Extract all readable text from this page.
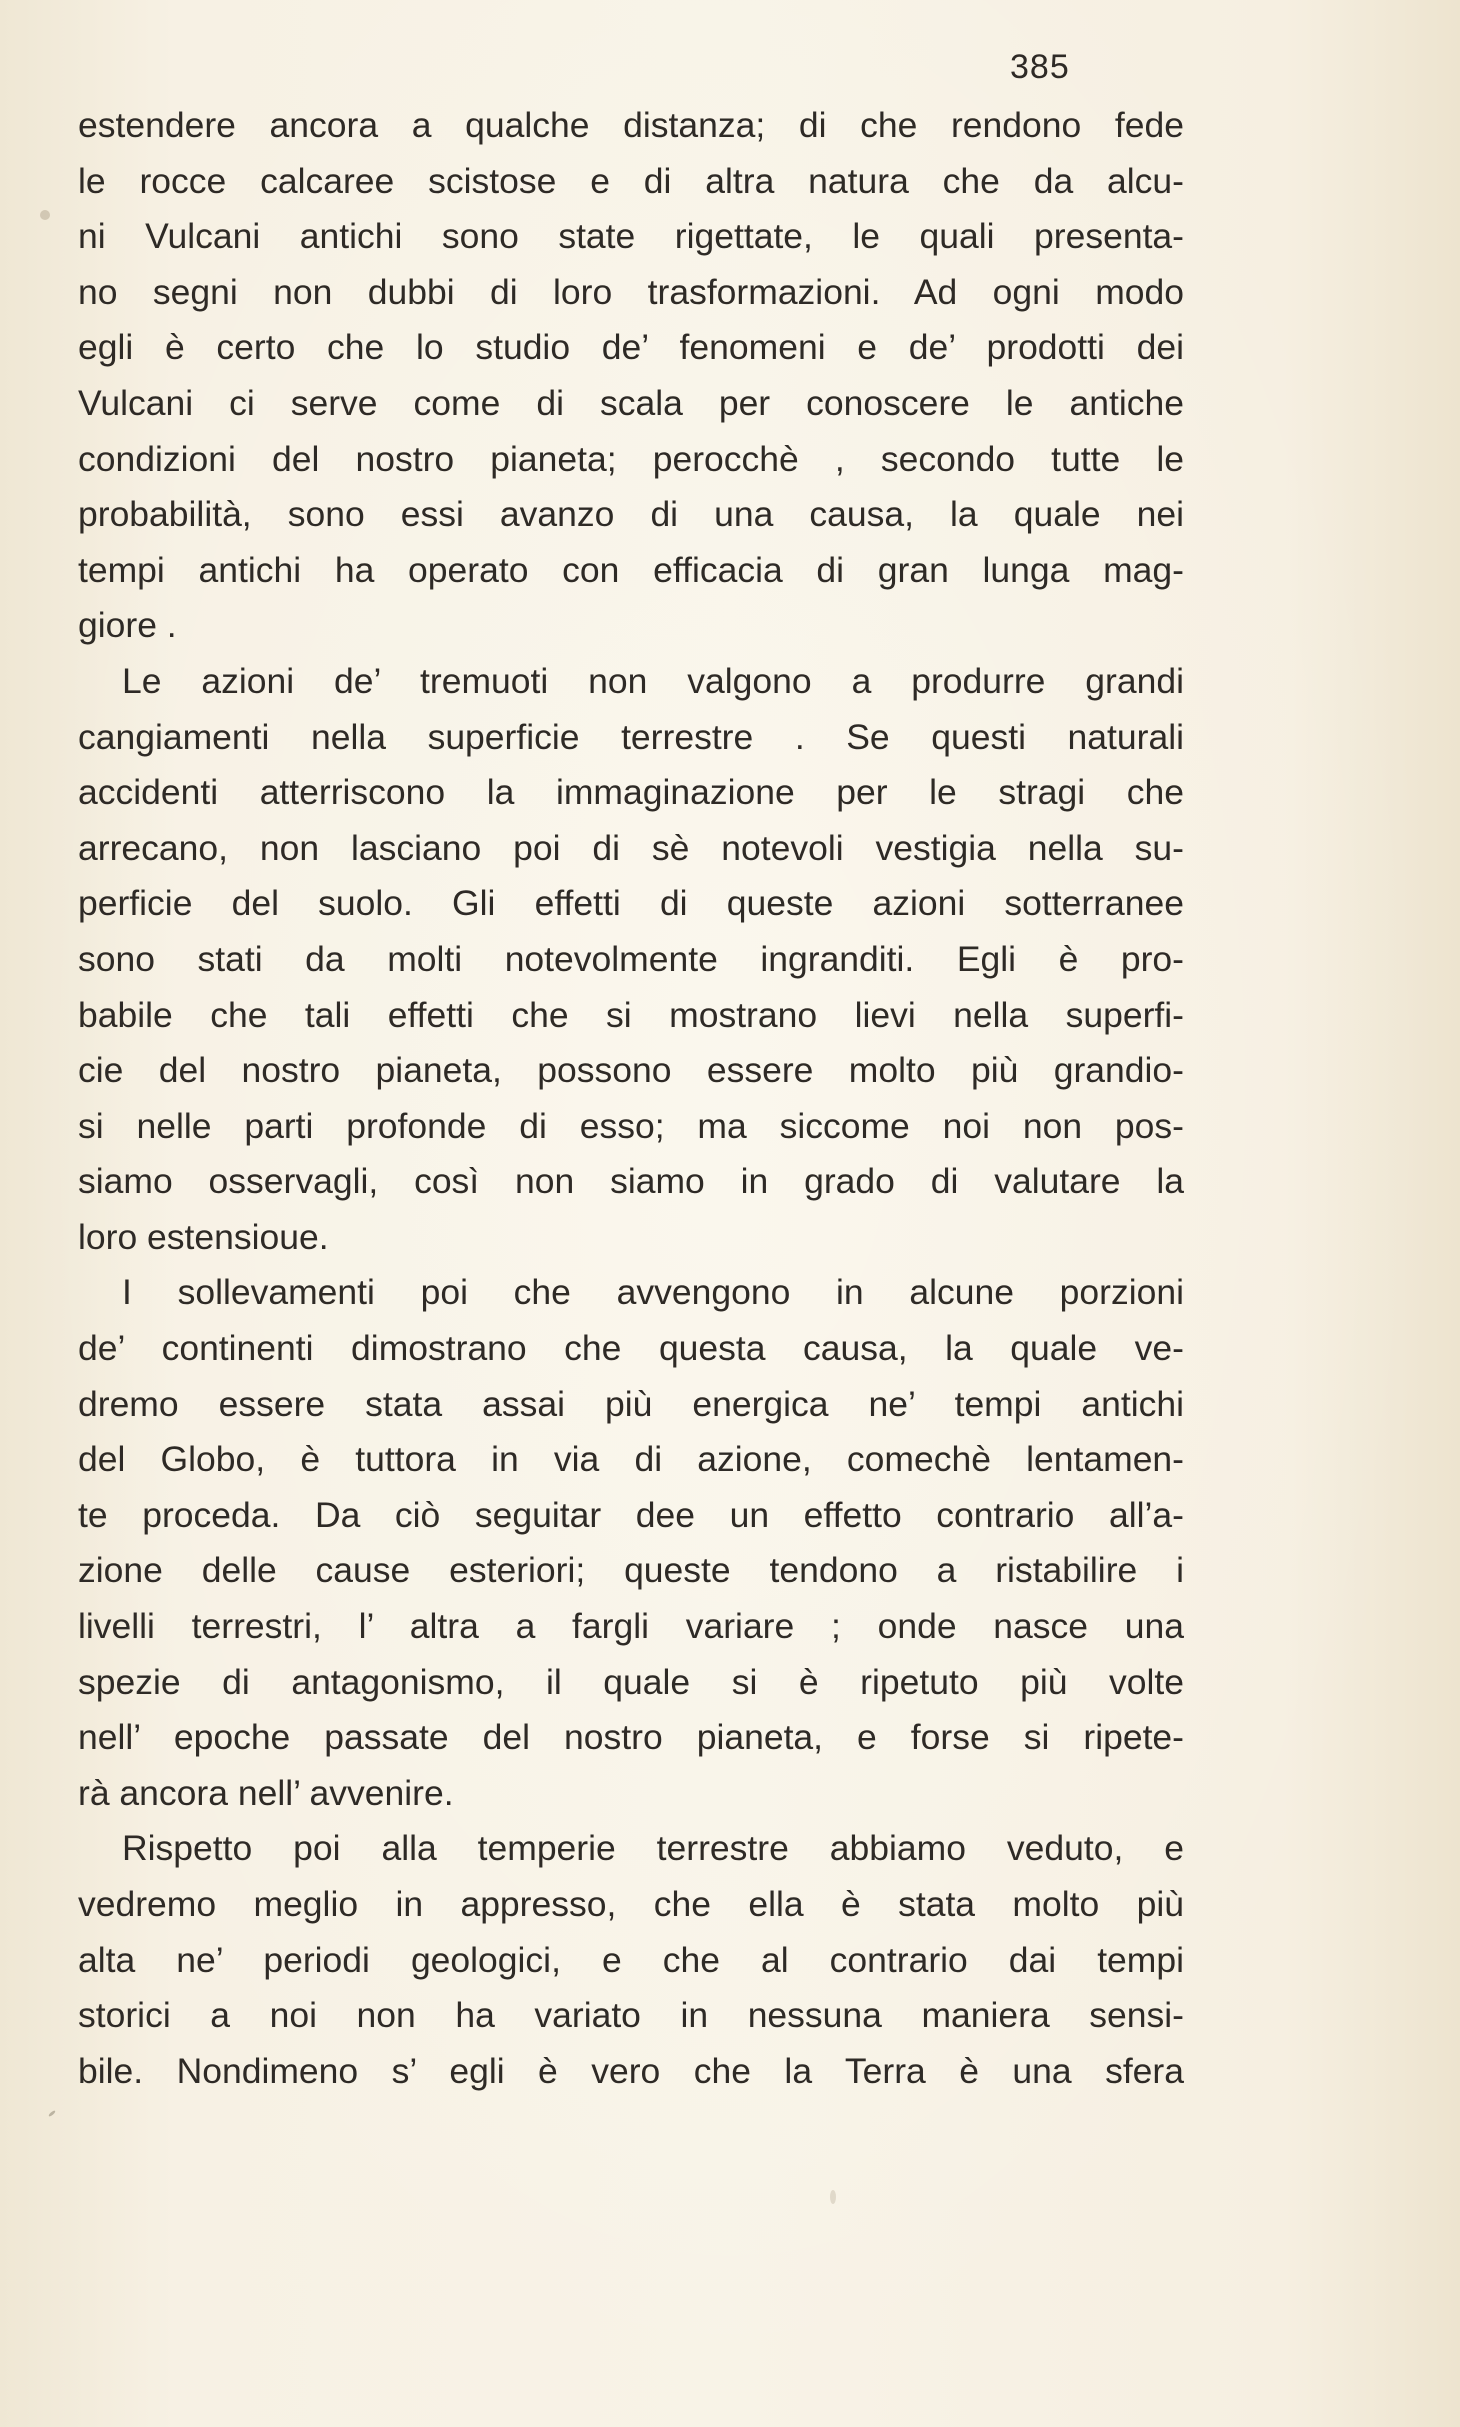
385
estendere ancora a qualche distanza; di che rendono fede
le rocce calcaree scistose e di altra natura che da alcu-
ni Vulcani antichi sono state rigettate, le quali presenta-
no segni non dubbi di loro trasformazioni. Ad ogni modo
egli è certo che lo studio de’ fenomeni e de’ prodotti dei
Vulcani ci serve come di scala per conoscere le antiche
condizioni del nostro pianeta; perocchè , secondo tutte le
probabilità, sono essi avanzo di una causa, la quale nei
tempi antichi ha operato con efficacia di gran lunga mag-
giore .
Le azioni de’ tremuoti non valgono a produrre grandi
cangiamenti nella superficie terrestre . Se questi naturali
accidenti atterriscono la immaginazione per le stragi che
arrecano, non lasciano poi di sè notevoli vestigia nella su-
perficie del suolo. Gli effetti di queste azioni sotterranee
sono stati da molti notevolmente ingranditi. Egli è pro-
babile che tali effetti che si mostrano lievi nella superfi-
cie del nostro pianeta, possono essere molto più grandio-
si nelle parti profonde di esso; ma siccome noi non pos-
siamo osservagli, così non siamo in grado di valutare la
loro estensioue.
I sollevamenti poi che avvengono in alcune porzioni
de’ continenti dimostrano che questa causa, la quale ve-
dremo essere stata assai più energica ne’ tempi antichi
del Globo, è tuttora in via di azione, comechè lentamen-
te proceda. Da ciò seguitar dee un effetto contrario all’a-
zione delle cause esteriori; queste tendono a ristabilire i
livelli terrestri, l’ altra a fargli variare ; onde nasce una
spezie di antagonismo, il quale si è ripetuto più volte
nell’ epoche passate del nostro pianeta, e forse si ripete-
rà ancora nell’ avvenire.
Rispetto poi alla temperie terrestre abbiamo veduto, e
vedremo meglio in appresso, che ella è stata molto più
alta ne’ periodi geologici, e che al contrario dai tempi
storici a noi non ha variato in nessuna maniera sensi-
bile. Nondimeno s’ egli è vero che la Terra è una sfera
